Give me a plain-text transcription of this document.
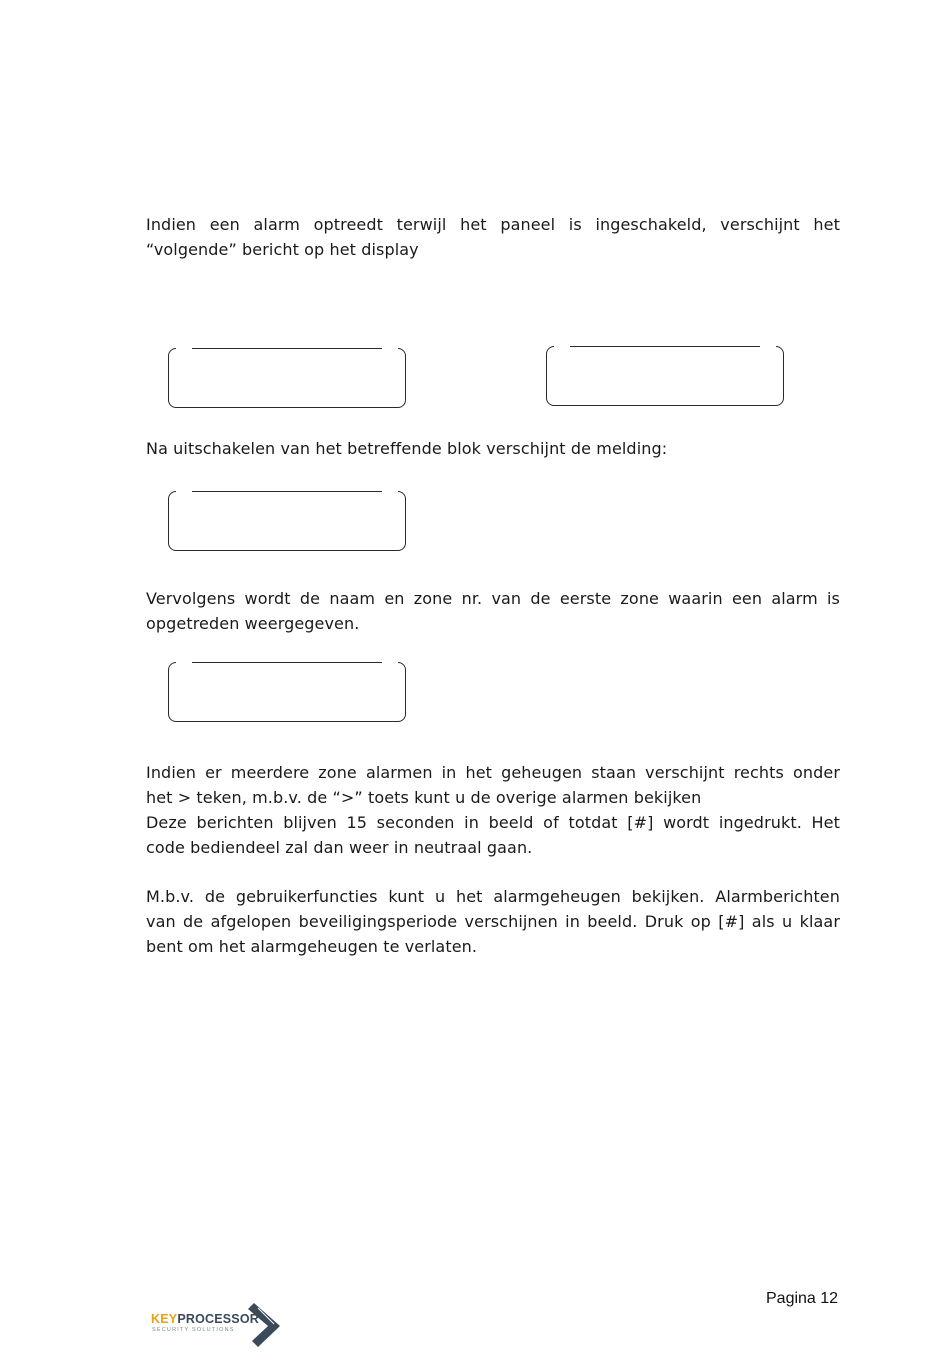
Indien een alarm optreedt terwijl het paneel is ingeschakeld, verschijnt het
“volgende” bericht op het display

Na uitschakelen van het betreffende blok verschijnt de melding:

Vervolgens wordt de naam en zone nr. van de eerste zone waarin een alarm is
opgetreden weergegeven.

Indien er meerdere zone alarmen in het geheugen staan verschijnt rechts onder
het > teken, m.b.v. de “>” toets kunt u de overige alarmen bekijken
Deze berichten blijven 15 seconden in beeld of totdat [#] wordt ingedrukt. Het
code bediendeel zal dan weer in neutraal gaan.

M.b.v. de gebruikerfuncties kunt u het alarmgeheugen bekijken. Alarmberichten
van de afgelopen beveiligingsperiode verschijnen in beeld. Druk op [#] als u klaar
bent om het alarmgeheugen te verlaten.

KEYPROCESSOR
SECURITY SOLUTIONS
Pagina 12
